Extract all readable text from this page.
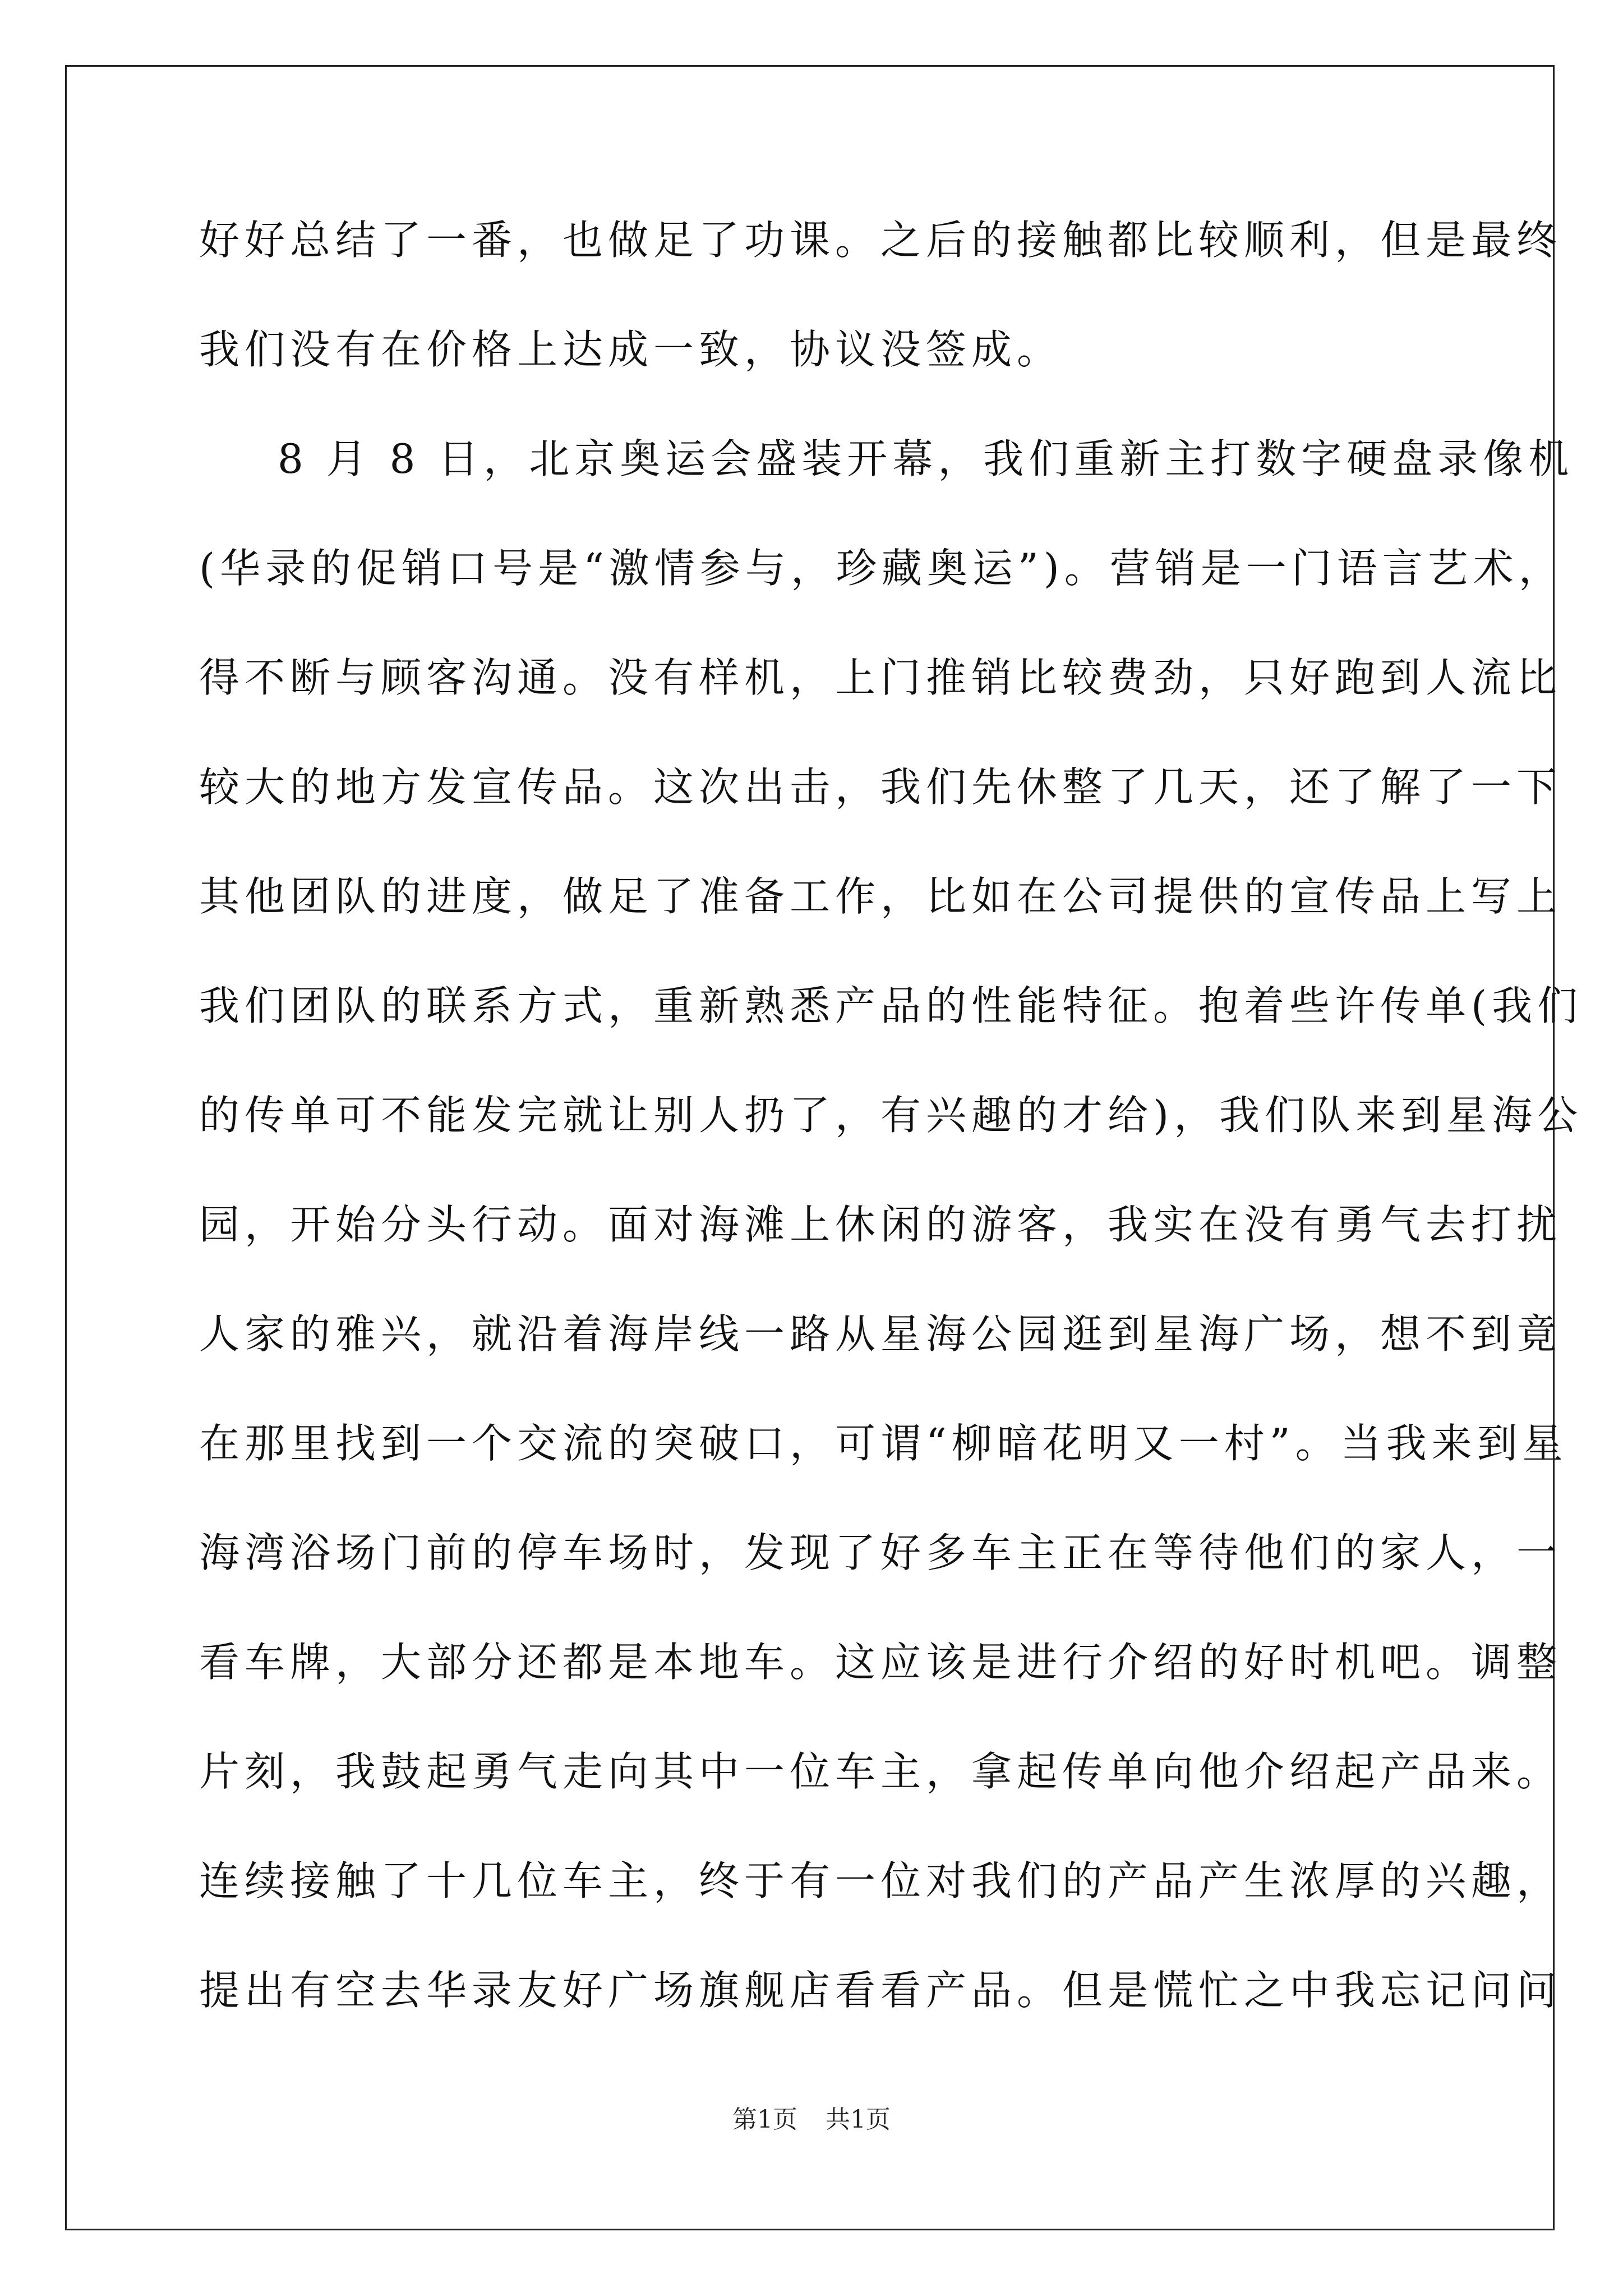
好好总结了一番，也做足了功课。之后的接触都比较顺利，但是最终
我们没有在价格上达成一致，协议没签成。
8 月 8 日，北京奥运会盛装开幕，我们重新主打数字硬盘录像机
(华录的促销口号是“激情参与，珍藏奥运”)。营销是一门语言艺术，
得不断与顾客沟通。没有样机，上门推销比较费劲，只好跑到人流比
较大的地方发宣传品。这次出击，我们先休整了几天，还了解了一下
其他团队的进度，做足了准备工作，比如在公司提供的宣传品上写上
我们团队的联系方式，重新熟悉产品的性能特征。抱着些许传单(我们
的传单可不能发完就让别人扔了，有兴趣的才给)，我们队来到星海公
园，开始分头行动。面对海滩上休闲的游客，我实在没有勇气去打扰
人家的雅兴，就沿着海岸线一路从星海公园逛到星海广场，想不到竟
在那里找到一个交流的突破口，可谓“柳暗花明又一村”。当我来到星
海湾浴场门前的停车场时，发现了好多车主正在等待他们的家人，一
看车牌，大部分还都是本地车。这应该是进行介绍的好时机吧。调整
片刻，我鼓起勇气走向其中一位车主，拿起传单向他介绍起产品来。
连续接触了十几位车主，终于有一位对我们的产品产生浓厚的兴趣，
提出有空去华录友好广场旗舰店看看产品。但是慌忙之中我忘记问问
第1页 共1页
